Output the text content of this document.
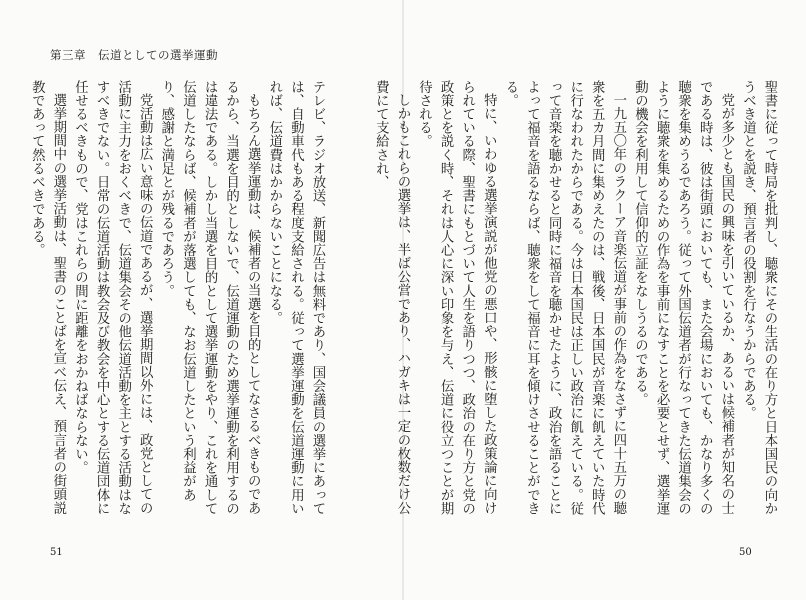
第三章　伝道としての選挙運動

聖書に従って時局を批判し、聴衆にその生活の在り方と日本国民の向かうべき道とを説き、預言者の役割を行なうからである。

党が多少とも国民の興味を引いているか、あるいは候補者が知名の士である時は、彼は街頭においても、また会場においても、かなり多くの聴衆を集めうるであろう。従って外国伝道者が行なってきた伝道集会のように聴衆を集めるための作為を事前になすことを必要とせず、選挙運動の機会を利用して信仰的立証をなしうるのである。

一九五〇年のラクーア音楽伝道が事前の作為をなさずに四十五万の聴衆を五カ月間に集めえたのは、戦後、日本国民が音楽に飢えていた時代に行なわれたからである。今は日本国民は正しい政治に飢えている。従って音楽を聴かせると同時に福音を聴かせたように、政治を語ることによって福音を語るならば、聴衆をして福音に耳を傾けさせることができる。

特に、いわゆる選挙演説が他党の悪口や、形骸に堕した政策論に向けられている際、聖書にもとづいて人生を語りつつ、政治の在り方と党の政策とを説く時、それは人心に深い印象を与え、伝道に役立つことが期待される。

しかもこれらの選挙は、半ば公営であり、ハガキは一定の枚数だけ公費にて支給され、

テレビ、ラジオ放送、新聞広告は無料であり、国会議員の選挙にあっては、自動車代もある程度支給される。従って選挙運動を伝道運動に用いれば、伝道費はかからないことになる。

もちろん選挙運動は、候補者の当選を目的としてなさるべきものであるから、当選を目的としないで、伝道運動のため選挙運動を利用するのは違法である。しかし当選を目的として選挙運動をやり、これを通して伝道したならば、候補者が落選しても、なお伝道したという利益があり、感謝と満足とが残るであろう。

党活動は広い意味の伝道であるが、選挙期間以外には、政党としての活動に主力をおくべきで、伝道集会その他伝道活動を主とする活動はなすべきでない。日常の伝道活動は教会及び教会を中心とする伝道団体に任せるべきもので、党はこれらの間に距離をおかねばならない。

選挙期間中の選挙活動は、聖書のことばを宣べ伝え、預言者の街頭説教であって然るべきである。

51	50
